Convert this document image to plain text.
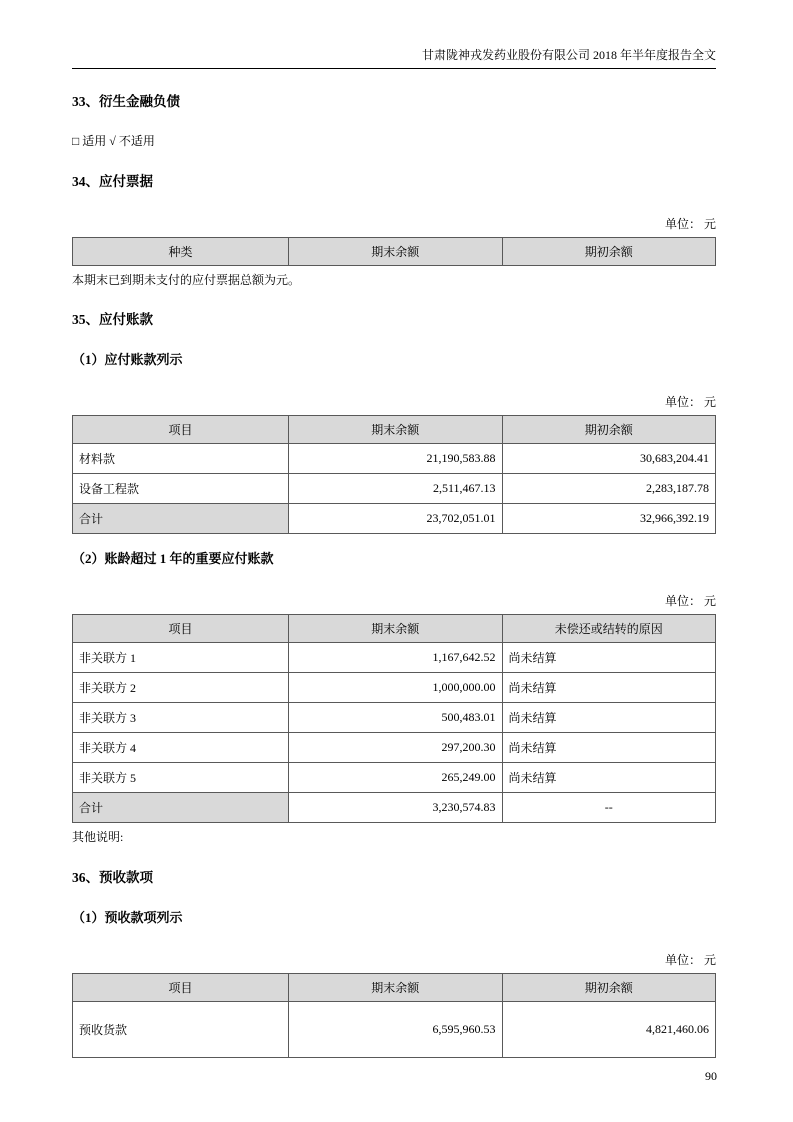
甘肃陇神戎发药业股份有限公司 2018 年半年度报告全文
33、衍生金融负债
□ 适用 √ 不适用
34、应付票据
单位： 元
种类	期末余额	期初余额
本期末已到期未支付的应付票据总额为元。
35、应付账款
（1）应付账款列示
单位： 元
项目	期末余额	期初余额
材料款	21,190,583.88	30,683,204.41
设备工程款	2,511,467.13	2,283,187.78
合计	23,702,051.01	32,966,392.19
（2）账龄超过 1 年的重要应付账款
单位： 元
项目	期末余额	未偿还或结转的原因
非关联方 1	1,167,642.52	尚未结算
非关联方 2	1,000,000.00	尚未结算
非关联方 3	500,483.01	尚未结算
非关联方 4	297,200.30	尚未结算
非关联方 5	265,249.00	尚未结算
合计	3,230,574.83	--
其他说明:
36、预收款项
（1）预收款项列示
单位： 元
项目	期末余额	期初余额
预收货款	6,595,960.53	4,821,460.06
90
